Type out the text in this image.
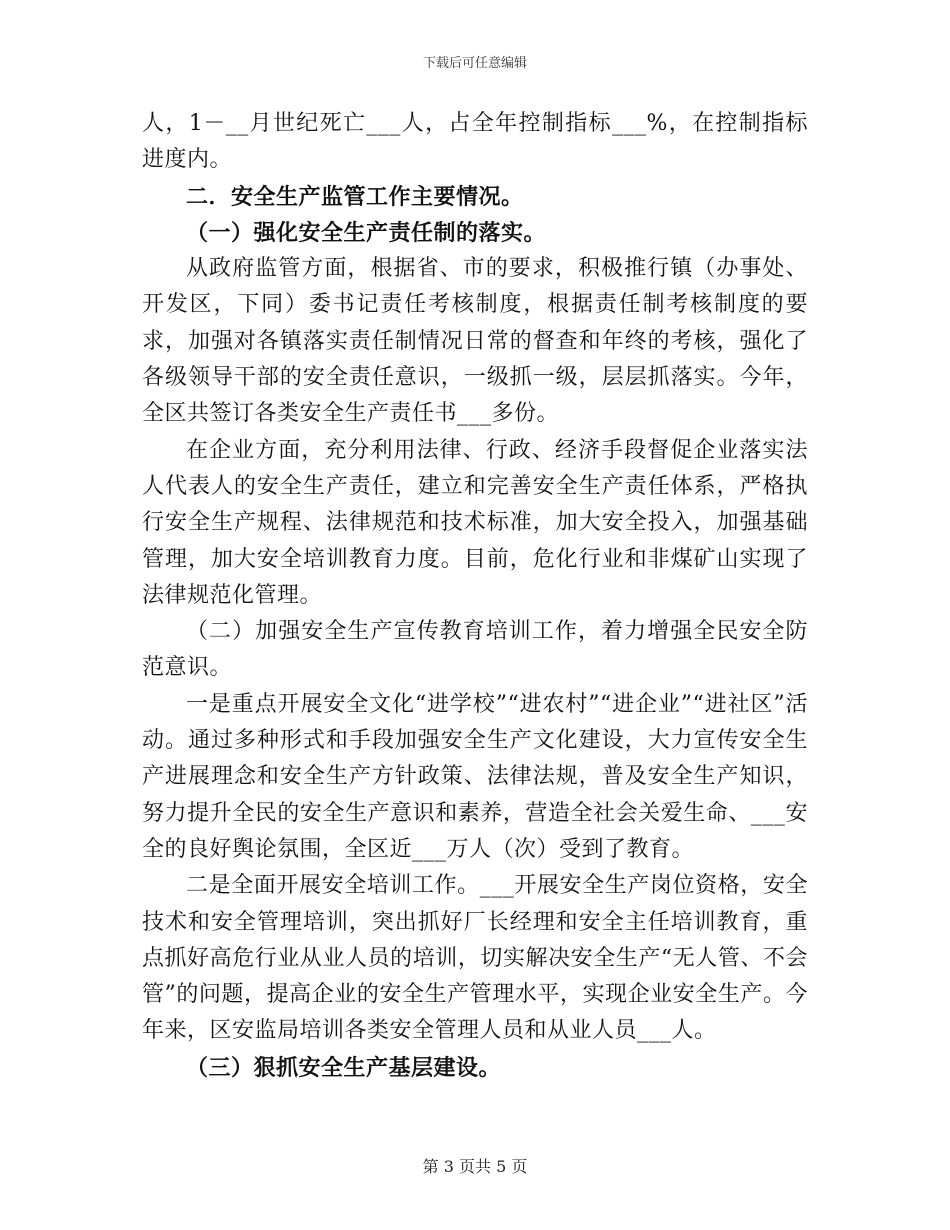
下载后可任意编辑

人，1－__月世纪死亡___人，占全年控制指标___%，在控制指标进度内。

二．安全生产监管工作主要情况。

（一）强化安全生产责任制的落实。

从政府监管方面，根据省、市的要求，积极推行镇（办事处、开发区，下同）委书记责任考核制度，根据责任制考核制度的要求，加强对各镇落实责任制情况日常的督查和年终的考核，强化了各级领导干部的安全责任意识，一级抓一级，层层抓落实。今年，全区共签订各类安全生产责任书___多份。

在企业方面，充分利用法律、行政、经济手段督促企业落实法人代表人的安全生产责任，建立和完善安全生产责任体系，严格执行安全生产规程、法律规范和技术标准，加大安全投入，加强基础管理，加大安全培训教育力度。目前，危化行业和非煤矿山实现了法律规范化管理。

（二）加强安全生产宣传教育培训工作，着力增强全民安全防范意识。

一是重点开展安全文化“进学校”“进农村”“进企业”“进社区”活动。通过多种形式和手段加强安全生产文化建设，大力宣传安全生产进展理念和安全生产方针政策、法律法规，普及安全生产知识，努力提升全民的安全生产意识和素养，营造全社会关爱生命、___安全的良好舆论氛围，全区近___万人（次）受到了教育。

二是全面开展安全培训工作。___开展安全生产岗位资格，安全技术和安全管理培训，突出抓好厂长经理和安全主任培训教育，重点抓好高危行业从业人员的培训，切实解决安全生产“无人管、不会管”的问题，提高企业的安全生产管理水平，实现企业安全生产。今年来，区安监局培训各类安全管理人员和从业人员___人。

（三）狠抓安全生产基层建设。

第 3 页共 5 页
